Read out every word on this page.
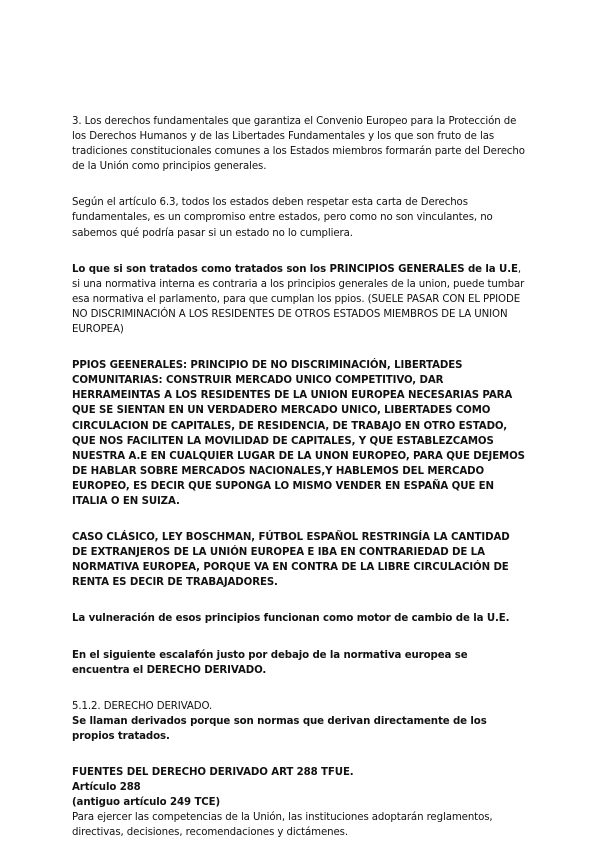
3. Los derechos fundamentales que garantiza el Convenio Europeo para la Protección de los Derechos Humanos y de las Libertades Fundamentales y los que son fruto de las tradiciones constitucionales comunes a los Estados miembros formarán parte del Derecho de la Unión como principios generales.

Según el artículo 6.3, todos los estados deben respetar esta carta de Derechos fundamentales, es un compromiso entre estados, pero como no son vinculantes, no sabemos qué podría pasar si un estado no lo cumpliera.

Lo que si son tratados como tratados son los PRINCIPIOS GENERALES de la U.E, si una normativa interna es contraria a los principios generales de la union, puede tumbar esa normativa el parlamento, para que cumplan los ppios. (SUELE PASAR CON EL PPIODE NO DISCRIMINACIÓN A LOS RESIDENTES DE OTROS ESTADOS MIEMBROS DE LA UNION EUROPEA)

PPIOS GEENERALES: PRINCIPIO DE NO DISCRIMINACIÓN, LIBERTADES COMUNITARIAS: CONSTRUIR MERCADO UNICO COMPETITIVO, DAR HERRAMEINTAS A LOS RESIDENTES DE LA UNION EUROPEA NECESARIAS PARA QUE SE SIENTAN EN UN VERDADERO MERCADO UNICO, LIBERTADES COMO CIRCULACION DE CAPITALES, DE RESIDENCIA, DE TRABAJO EN OTRO ESTADO, QUE NOS FACILITEN LA MOVILIDAD DE CAPITALES, Y QUE ESTABLEZCAMOS NUESTRA A.E EN CUALQUIER LUGAR DE LA UNON EUROPEO, PARA QUE DEJEMOS DE HABLAR SOBRE MERCADOS NACIONALES,Y HABLEMOS DEL MERCADO EUROPEO, ES DECIR QUE SUPONGA LO MISMO VENDER EN ESPAÑA QUE EN ITALIA O EN SUIZA.

CASO CLÁSICO, LEY BOSCHMAN, FÚTBOL ESPAÑOL RESTRINGÍA LA CANTIDAD DE EXTRANJEROS DE LA UNIÓN EUROPEA E IBA EN CONTRARIEDAD DE LA NORMATIVA EUROPEA, PORQUE VA EN CONTRA DE LA LIBRE CIRCULACIÓN DE RENTA ES DECIR DE TRABAJADORES.

La vulneración de esos principios funcionan como motor de cambio de la U.E.

En el siguiente escalafón justo por debajo de la normativa europea se encuentra el DERECHO DERIVADO.

5.1.2. DERECHO DERIVADO.
Se llaman derivados porque son normas que derivan directamente de los propios tratados.

FUENTES DEL DERECHO DERIVADO ART 288 TFUE.
Artículo 288
(antiguo artículo 249 TCE)
Para ejercer las competencias de la Unión, las instituciones adoptarán reglamentos, directivas, decisiones, recomendaciones y dictámenes.
